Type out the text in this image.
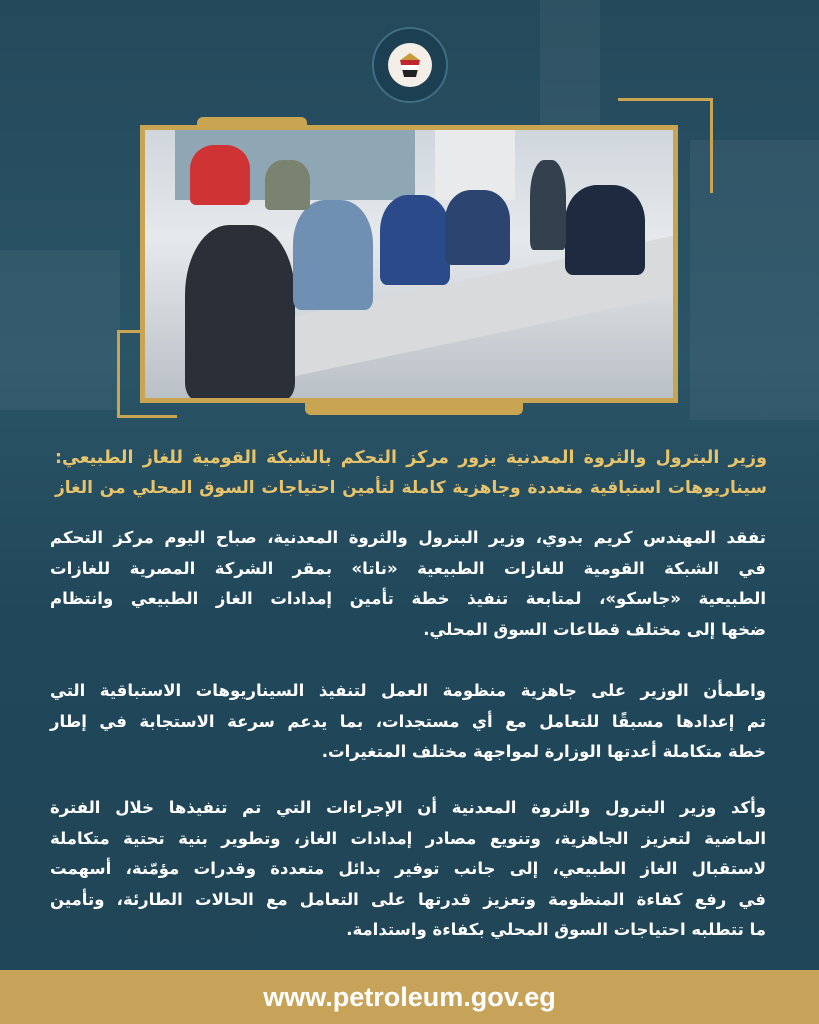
وزير البترول والثروة المعدنية يزور مركز التحكم بالشبكة القومية للغاز الطبيعي:
سيناريوهات استباقية متعددة وجاهزية كاملة لتأمين احتياجات السوق المحلي من الغاز
تفقد المهندس كريم بدوي، وزير البترول والثروة المعدنية، صباح اليوم مركز التحكم
في الشبكة القومية للغازات الطبيعية «ناتا» بمقر الشركة المصرية للغازات
الطبيعية «جاسكو»، لمتابعة تنفيذ خطة تأمين إمدادات الغاز الطبيعي وانتظام
ضخها إلى مختلف قطاعات السوق المحلي.
واطمأن الوزير على جاهزية منظومة العمل لتنفيذ السيناريوهات الاستباقية التي
تم إعدادها مسبقًا للتعامل مع أي مستجدات، بما يدعم سرعة الاستجابة في إطار
خطة متكاملة أعدتها الوزارة لمواجهة مختلف المتغيرات.
وأكد وزير البترول والثروة المعدنية أن الإجراءات التي تم تنفيذها خلال الفترة
الماضية لتعزيز الجاهزية، وتنويع مصادر إمدادات الغاز، وتطوير بنية تحتية متكاملة
لاستقبال الغاز الطبيعي، إلى جانب توفير بدائل متعددة وقدرات مؤمّنة، أسهمت
في رفع كفاءة المنظومة وتعزيز قدرتها على التعامل مع الحالات الطارئة، وتأمين
ما تتطلبه احتياجات السوق المحلي بكفاءة واستدامة.
www.petroleum.gov.eg
